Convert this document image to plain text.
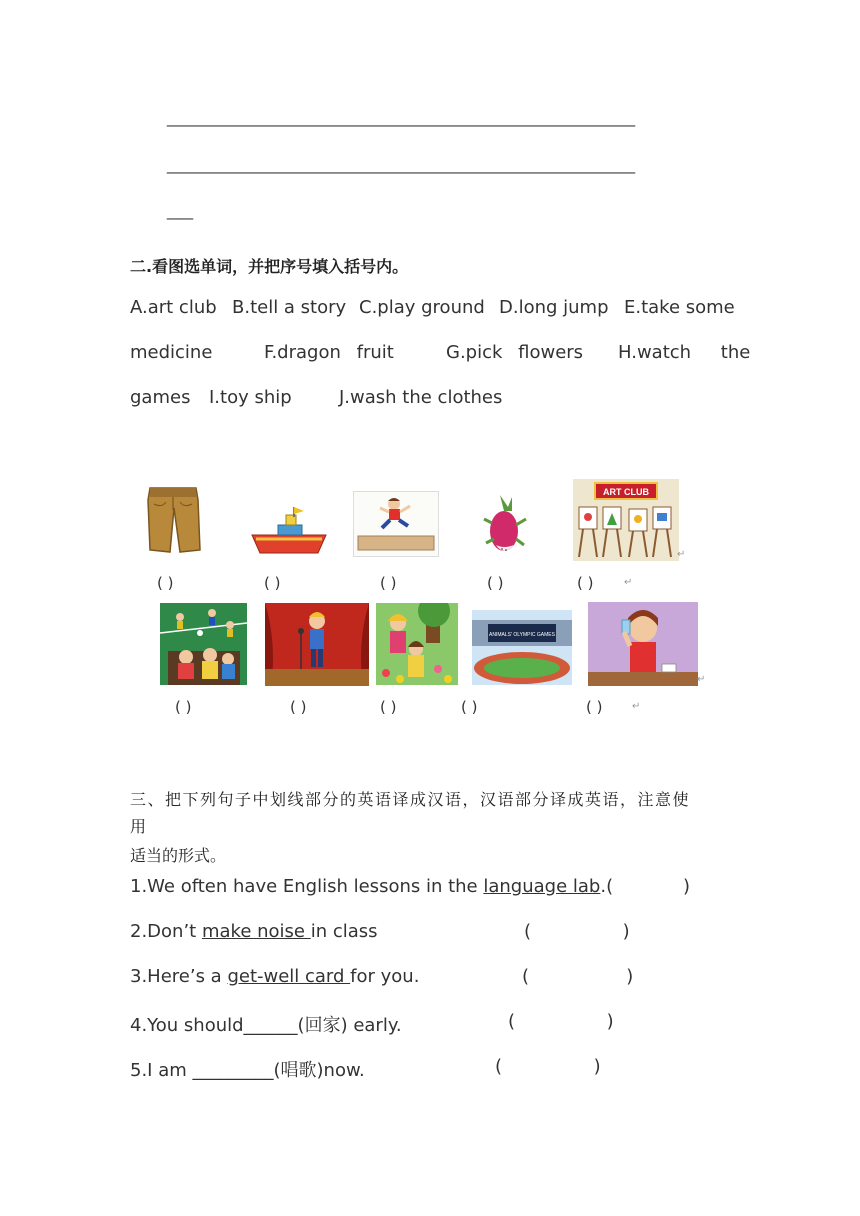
————————————————————————————————————
————————————————————————————————————
——
二.看图选单词，并把序号填入括号内。
A.art club B.tell a story C.play ground D.long jump E.take some
medicine	F.dragon fruit	G.pick flowers H.watch the
games I.toy ship	J.wash the clothes
ART CLUB
( )	( )	( )	( )	( )
↵
↵
ANIMALS' OLYMPIC GAMES
( )	( )	( )	( )	( )
↵
↵
三、把下列句子中划线部分的英语译成汉语，汉语部分译成英语，注意使
用
适当的形式。
1.We often have English lessons in the language lab.(	)
2.Don’t make noise in class	(                )
3.Here’s a get-well card for you.	(                 )
4.You should______(回家) early.	(                )
5.I am _________(唱歌)now.	(                )
